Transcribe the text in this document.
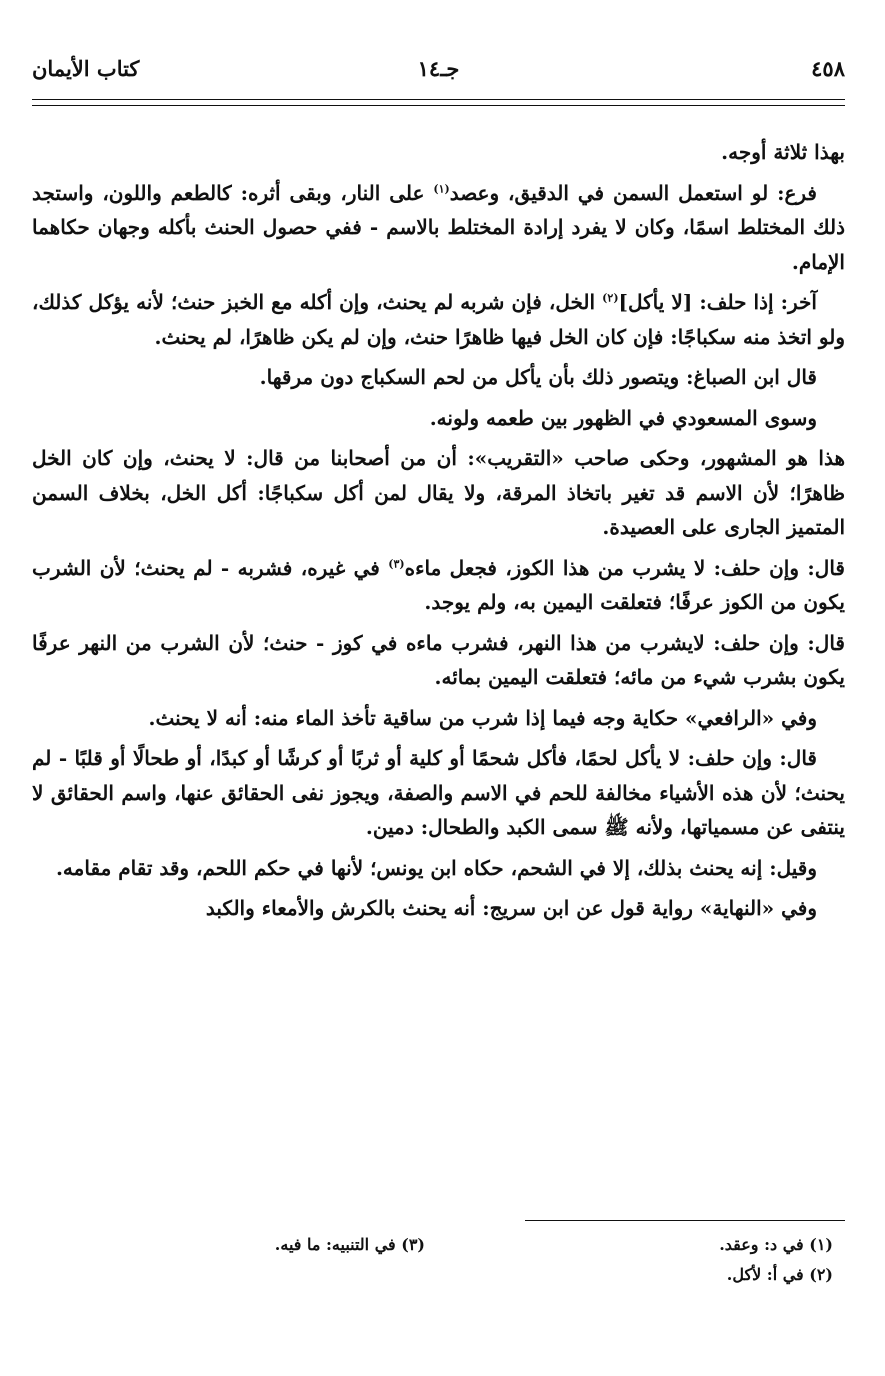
٤٥٨
جـ١٤
كتاب الأيمان

بهذا ثلاثة أوجه.

فرع: لو استعمل السمن في الدقيق، وعصد$^{(١)}$ على النار، وبقى أثره: كالطعم واللون، واستجد ذلك المختلط اسمًا، وكان لا يفرد إرادة المختلط بالاسم - ففي حصول الحنث بأكله وجهان حكاهما الإمام.

آخر: إذا حلف: [لا يأكل]$^{(٢)}$ الخل، فإن شربه لم يحنث، وإن أكله مع الخبز حنث؛ لأنه يؤكل كذلك، ولو اتخذ منه سكباجًا: فإن كان الخل فيها ظاهرًا حنث، وإن لم يكن ظاهرًا، لم يحنث.

قال ابن الصباغ: ويتصور ذلك بأن يأكل من لحم السكباج دون مرقها.

وسوى المسعودي في الظهور بين طعمه ولونه.

هذا هو المشهور، وحكى صاحب «التقريب»: أن من أصحابنا من قال: لا يحنث، وإن كان الخل ظاهرًا؛ لأن الاسم قد تغير باتخاذ المرقة، ولا يقال لمن أكل سكباجًا: أكل الخل، بخلاف السمن المتميز الجارى على العصيدة.

قال: وإن حلف: لا يشرب من هذا الكوز، فجعل ماءه$^{(٣)}$ في غيره، فشربه - لم يحنث؛ لأن الشرب يكون من الكوز عرفًا؛ فتعلقت اليمين به، ولم يوجد.

قال: وإن حلف: لايشرب من هذا النهر، فشرب ماءه في كوز - حنث؛ لأن الشرب من النهر عرفًا يكون بشرب شيء من مائه؛ فتعلقت اليمين بمائه.

وفي «الرافعي» حكاية وجه فيما إذا شرب من ساقية تأخذ الماء منه: أنه لا يحنث.

قال: وإن حلف: لا يأكل لحمًا، فأكل شحمًا أو كلية أو ثربًا أو كرشًا أو كبدًا، أو طحالًا أو قلبًا - لم يحنث؛ لأن هذه الأشياء مخالفة للحم في الاسم والصفة، ويجوز نفى الحقائق عنها، واسم الحقائق لا ينتفى عن مسمياتها، ولأنه ﷺ سمى الكبد والطحال: دمين.

وقيل: إنه يحنث بذلك، إلا في الشحم، حكاه ابن يونس؛ لأنها في حكم اللحم، وقد تقام مقامه.

وفي «النهاية» رواية قول عن ابن سريج: أنه يحنث بالكرش والأمعاء والكبد

(١) في د: وعقد.
(٢) في أ: لأكل.
(٣) في التنبيه: ما فيه.
